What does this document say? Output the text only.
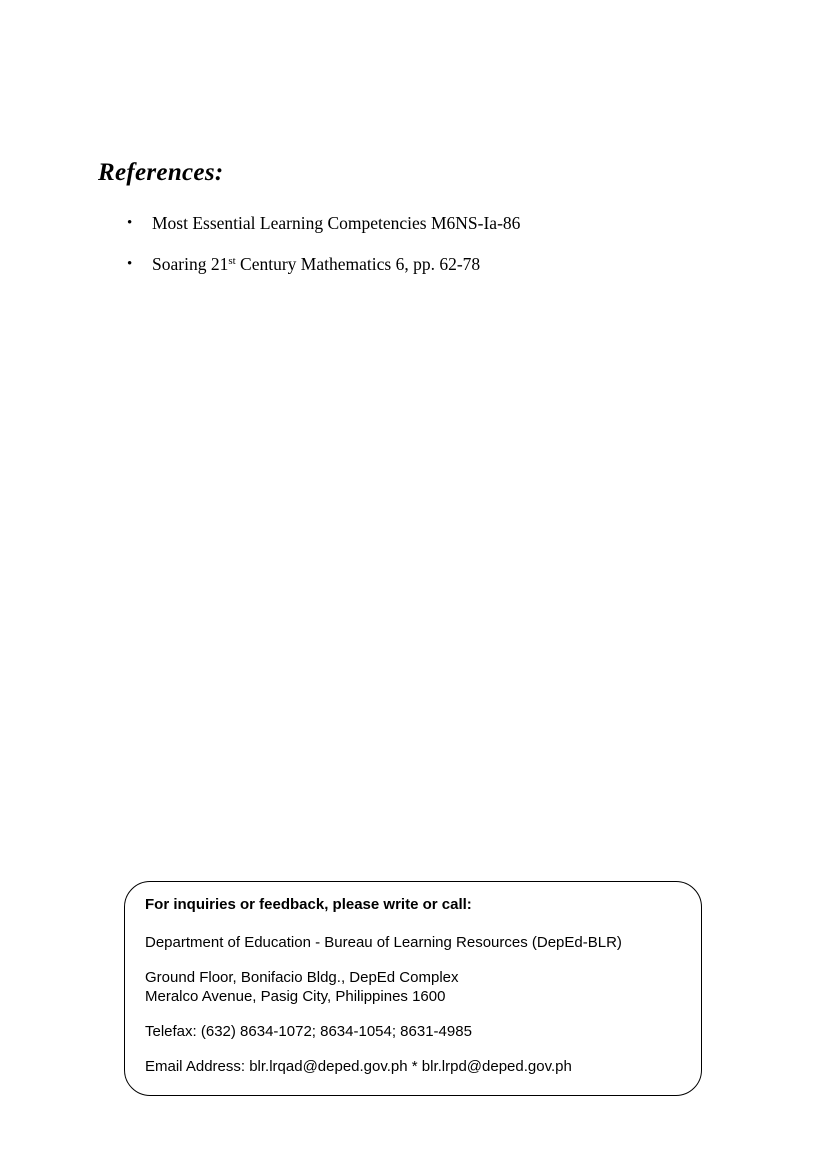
References:
• Most Essential Learning Competencies M6NS-Ia-86
• Soaring 21st Century Mathematics 6, pp. 62-78
For inquiries or feedback, please write or call:
Department of Education - Bureau of Learning Resources (DepEd-BLR)
Ground Floor, Bonifacio Bldg., DepEd Complex
Meralco Avenue, Pasig City, Philippines 1600
Telefax: (632) 8634-1072; 8634-1054; 8631-4985
Email Address: blr.lrqad@deped.gov.ph * blr.lrpd@deped.gov.ph
